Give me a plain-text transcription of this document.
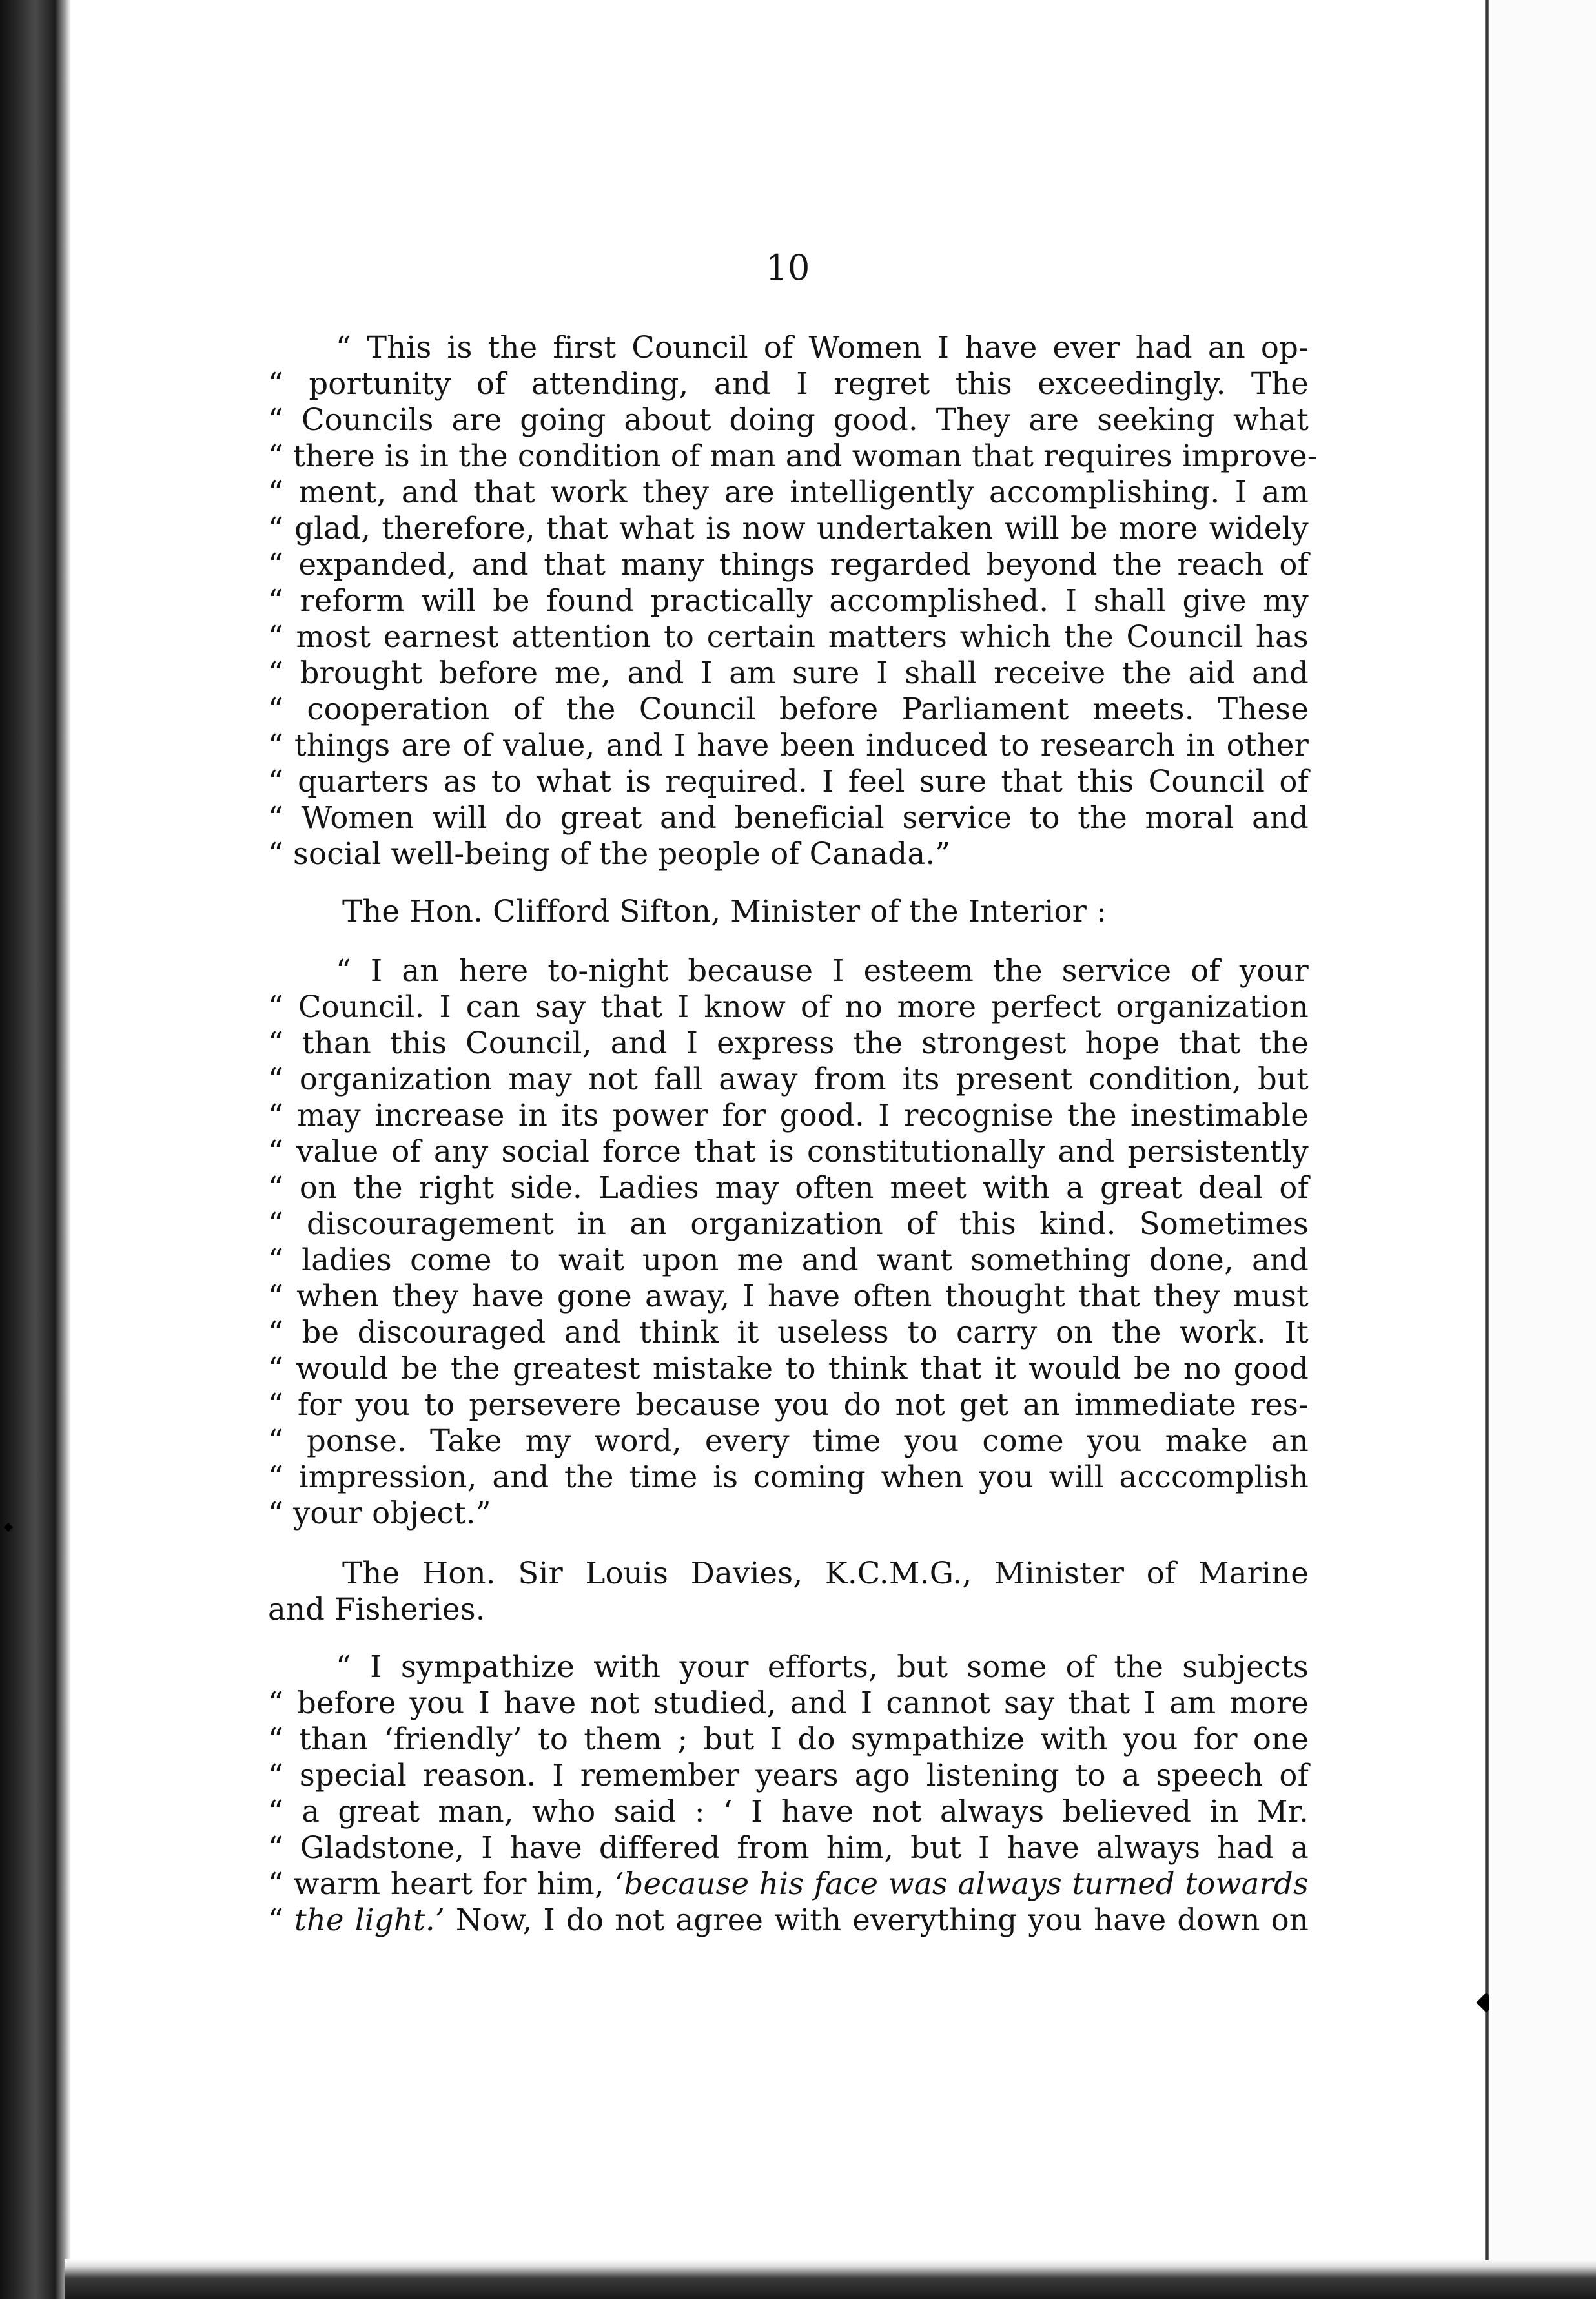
10
“ This is the first Council of Women I have ever had an op-
“ portunity of attending, and I regret this exceedingly. The
“ Councils are going about doing good. They are seeking what
“ there is in the condition of man and woman that requires improve-
“ ment, and that work they are intelligently accomplishing. I am
“ glad, therefore, that what is now undertaken will be more widely
“ expanded, and that many things regarded beyond the reach of
“ reform will be found practically accomplished. I shall give my
“ most earnest attention to certain matters which the Council has
“ brought before me, and I am sure I shall receive the aid and
“ cooperation of the Council before Parliament meets. These
“ things are of value, and I have been induced to research in other
“ quarters as to what is required. I feel sure that this Council of
“ Women will do great and beneficial service to the moral and
“ social well-being of the people of Canada.”
The Hon. Clifford Sifton, Minister of the Interior :
“ I an here to-night because I esteem the service of your
“ Council. I can say that I know of no more perfect organization
“ than this Council, and I express the strongest hope that the
“ organization may not fall away from its present condition, but
“ may increase in its power for good. I recognise the inestimable
“ value of any social force that is constitutionally and persistently
“ on the right side. Ladies may often meet with a great deal of
“ discouragement in an organization of this kind. Sometimes
“ ladies come to wait upon me and want something done, and
“ when they have gone away, I have often thought that they must
“ be discouraged and think it useless to carry on the work. It
“ would be the greatest mistake to think that it would be no good
“ for you to persevere because you do not get an immediate res-
“ ponse. Take my word, every time you come you make an
“ impression, and the time is coming when you will acccomplish
“ your object.”
The Hon. Sir Louis Davies, K.C.M.G., Minister of Marine
and Fisheries.
“ I sympathize with your efforts, but some of the subjects
“ before you I have not studied, and I cannot say that I am more
“ than ‘friendly’ to them ; but I do sympathize with you for one
“ special reason. I remember years ago listening to a speech of
“ a great man, who said : ‘ I have not always believed in Mr.
“ Gladstone, I have differed from him, but I have always had a
“ warm heart for him, ‘because his face was always turned towards
“ the light.’ Now, I do not agree with everything you have down on
